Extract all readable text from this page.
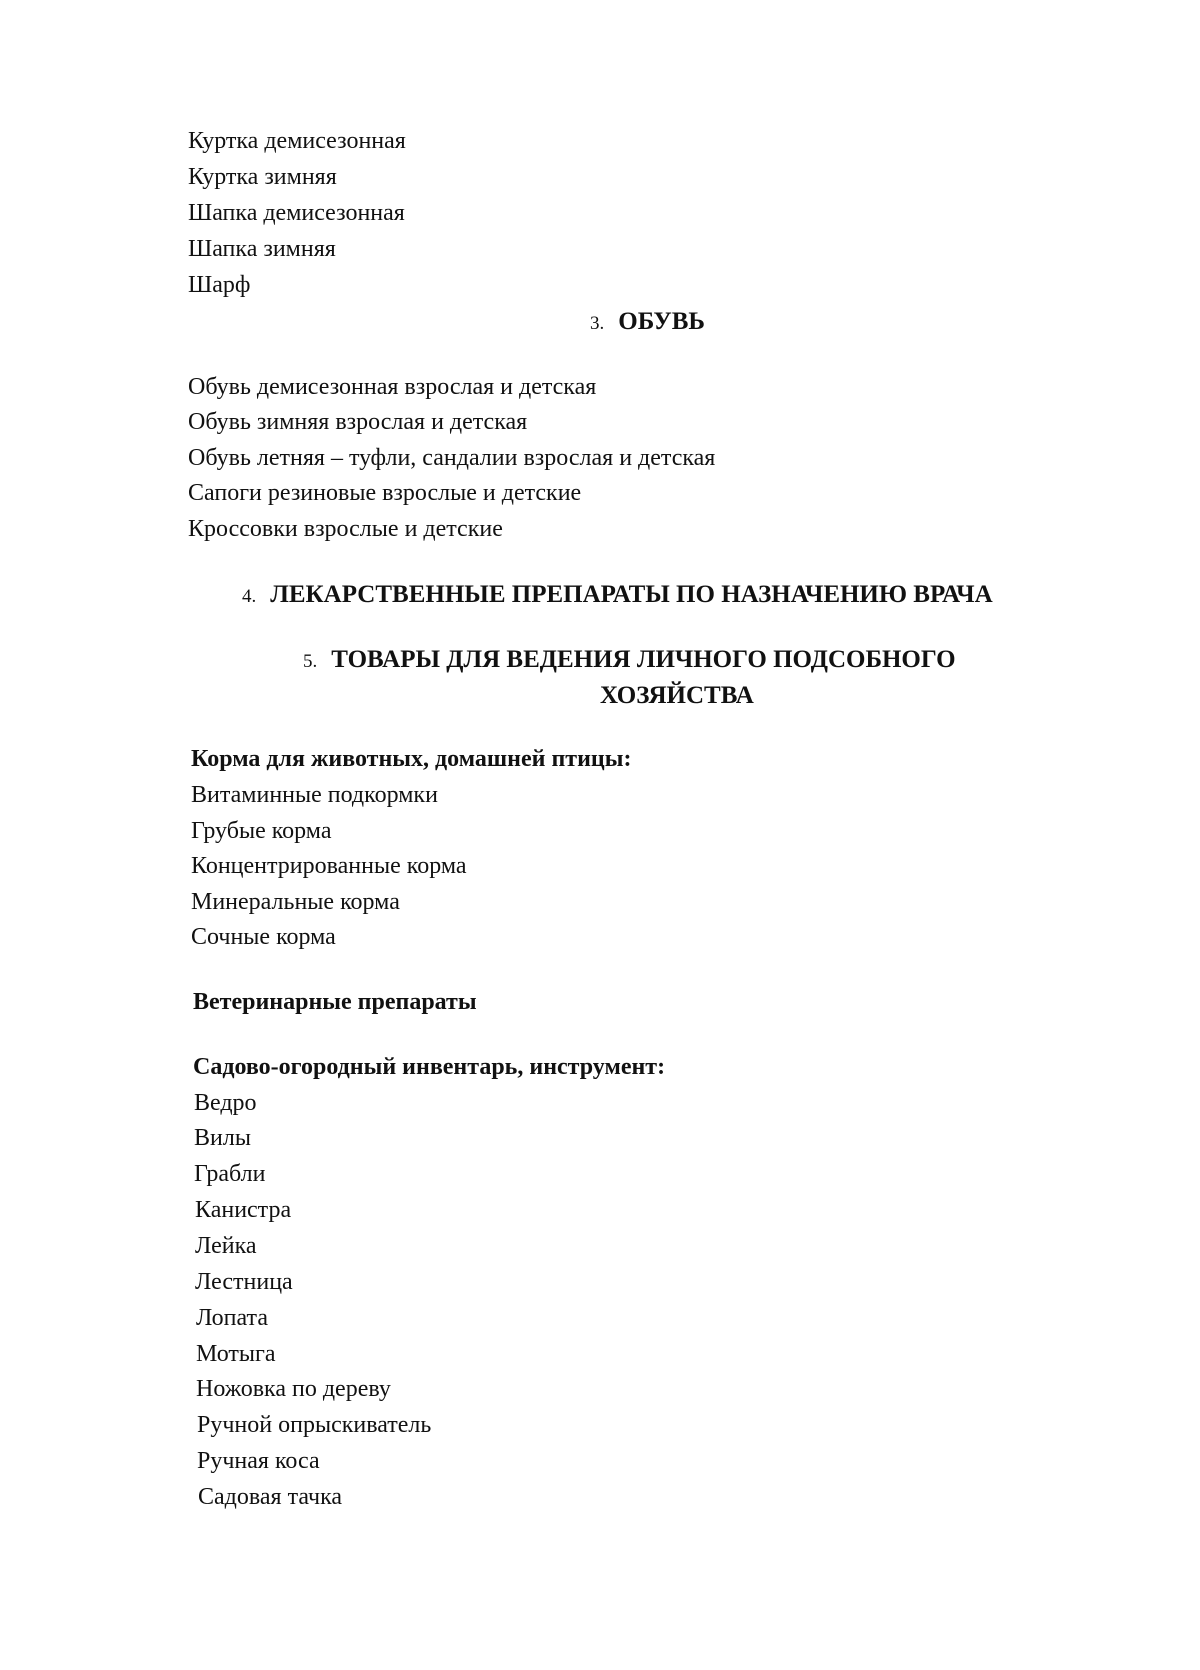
Куртка демисезонная
Куртка зимняя
Шапка демисезонная
Шапка зимняя
Шарф
3. ОБУВЬ
Обувь демисезонная взрослая и детская
Обувь зимняя взрослая и детская
Обувь летняя – туфли, сандалии взрослая и детская
Сапоги резиновые взрослые и детские
Кроссовки взрослые и детские
4. ЛЕКАРСТВЕННЫЕ ПРЕПАРАТЫ ПО НАЗНАЧЕНИЮ ВРАЧА
5. ТОВАРЫ ДЛЯ ВЕДЕНИЯ ЛИЧНОГО ПОДСОБНОГО
ХОЗЯЙСТВА
Корма для животных, домашней птицы:
Витаминные подкормки
Грубые корма
Концентрированные корма
Минеральные корма
Сочные корма
Ветеринарные препараты
Садово-огородный инвентарь, инструмент:
Ведро
Вилы
Грабли
Канистра
Лейка
Лестница
Лопата
Мотыга
Ножовка по дереву
Ручной опрыскиватель
Ручная коса
Садовая тачка
